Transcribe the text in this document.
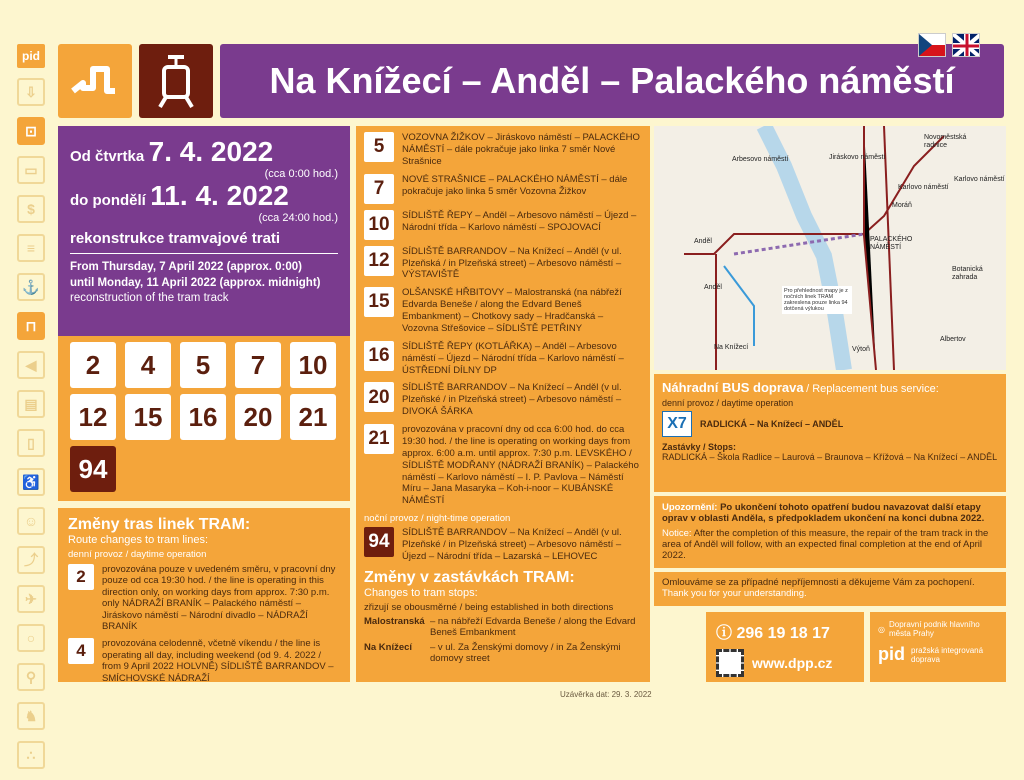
pid
⇩
⊡
▭
$
≡
⚓
⊓
◀
▤
▯
♿
☺
⤴
✈
○
⚲
♞
∴
Na Knížecí – Anděl – Palackého náměstí
Od čtvrtka 7. 4. 2022
(cca 0:00 hod.)
do pondělí 11. 4. 2022
(cca 24:00 hod.)
rekonstrukce tramvajové trati
From Thursday, 7 April 2022 (approx. 0:00)
until Monday, 11 April 2022 (approx. midnight)
reconstruction of the tram track
2	4	5	7	10
12	15	16	20	21
94
Změny tras linek TRAM:
Route changes to tram lines:
denní provoz / daytime operation
2	provozována pouze v uvedeném směru, v pracovní dny pouze od cca 19:30 hod. / the line is operating in this direction only, on working days from approx. 7:30 p.m. only NÁDRAŽÍ BRANÍK – Palackého náměstí – Jiráskovo náměstí – Národní divadlo – NÁDRAŽÍ BRANÍK
4	provozována celodenně, včetně víkendu / the line is operating all day, including weekend (od 9. 4. 2022 / from 9 April 2022 HOLVNĚ) SÍDLIŠTĚ BARRANDOV – SMÍCHOVSKÉ NÁDRAŽÍ
5	VOZOVNA ŽIŽKOV – Jiráskovo náměstí – PALACKÉHO NÁMĚSTÍ – dále pokračuje jako linka 7 směr Nové Strašnice
7	NOVÉ STRAŠNICE – PALACKÉHO NÁMĚSTÍ – dále pokračuje jako linka 5 směr Vozovna Žižkov
10	SÍDLIŠTĚ ŘEPY – Anděl – Arbesovo náměstí – Újezd – Národní třída – Karlovo náměstí – SPOJOVACÍ
12	SÍDLIŠTĚ BARRANDOV – Na Knížecí – Anděl (v ul. Plzeňská / in Plzeňská street) – Arbesovo náměstí – VÝSTAVIŠTĚ
15	OLŠANSKÉ HŘBITOVY – Malostranská (na nábřeží Edvarda Beneše / along the Edvard Beneš Embankment) – Chotkovy sady – Hradčanská – Vozovna Střešovice – SÍDLIŠTĚ PETŘINY
16	SÍDLIŠTĚ ŘEPY (KOTLÁŘKA) – Anděl – Arbesovo náměstí – Újezd – Národní třída – Karlovo náměstí – ÚSTŘEDNÍ DÍLNY DP
20	SÍDLIŠTĚ BARRANDOV – Na Knížecí – Anděl (v ul. Plzeňské / in Plzeňská street) – Arbesovo náměstí – DIVOKÁ ŠÁRKA
21	provozována v pracovní dny od cca 6:00 hod. do cca 19:30 hod. / the line is operating on working days from approx. 6:00 a.m. until approx. 7:30 p.m. LEVSKÉHO / SÍDLIŠTĚ MODŘANY (NÁDRAŽÍ BRANÍK) – Palackého náměstí – Karlovo náměstí – I. P. Pavlova – Náměstí Míru – Jana Masaryka – Koh-i-noor – KUBÁNSKÉ NÁMĚSTÍ
noční provoz / night-time operation
94	SÍDLIŠTĚ BARRANDOV – Na Knížecí – Anděl (v ul. Plzeňské / in Plzeňská street) – Arbesovo náměstí – Újezd – Národní třída – Lazarská – LEHOVEC
Změny v zastávkách TRAM:
Changes to tram stops:
zřizují se obousměrné / being established in both directions
Malostranská – na nábřeží Edvarda Beneše / along the Edvard Beneš Embankment
Na Knížecí	– v ul. Za Ženskými domovy / in Za Ženskými domovy street
Novoměstská radnice
Arbesovo náměstí	Jiráskovo náměstí
Karlovo náměstí
Karlovo náměstí
Moráň
Anděl	PALACKÉHO NÁMĚSTÍ
Anděl
Botanická zahrada
Na Knížecí	Výtoň
Albertov
Pro přehlednost mapy je z nočních linek TRAM zakreslena pouze linka 94 dotčená výlukou
Náhradní BUS doprava / Replacement bus service:
denní provoz / daytime operation
X7	RADLICKÁ – Na Knížecí – ANDĚL
Zastávky / Stops:
RADLICKÁ – Škola Radlice – Laurová – Braunova – Křížová – Na Knížecí – ANDĚL
Upozornění: Po ukončení tohoto opatření budou navazovat další etapy oprav v oblasti Anděla, s předpokladem ukončení na konci dubna 2022.
Notice: After the completion of this measure, the repair of the tram track in the area of Anděl will follow, with an expected final completion at the end of April 2022.
Omlouváme se za případné nepříjemnosti a děkujeme Vám za pochopení.
Thank you for your understanding.
ⓘ 296 19 18 17
www.dpp.cz
◎ Dopravní podnik hlavního města Prahy
pid pražská integrovaná doprava
Uzávěrka dat: 29. 3. 2022
